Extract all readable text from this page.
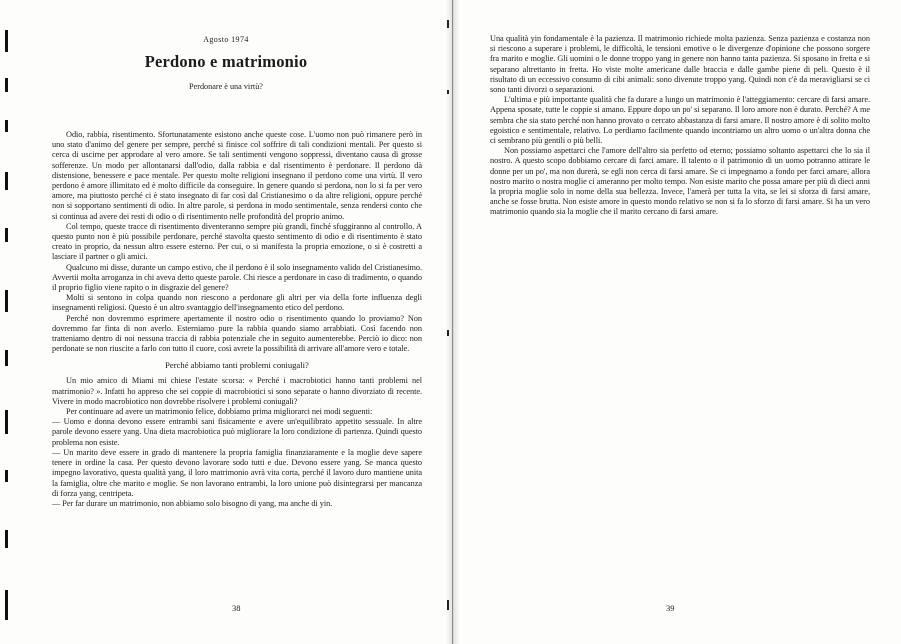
Agosto 1974
Perdono e matrimonio
Perdonare è una virtù?

Odio, rabbia, risentimento. Sfortunatamente esistono anche queste cose. L'uomo non può rimanere però in uno stato d'animo del genere per sempre, perché si finisce col soffrire di tali condizioni mentali. Per questo si cerca di uscirne per approdare al vero amore. Se tali sentimenti vengono soppressi, diventano causa di grosse sofferenze. Un modo per allontanarsi dall'odio, dalla rabbia e dal risentimento è perdonare. Il perdono dà distensione, benessere e pace mentale. Per questo molte religioni insegnano il perdono come una virtù. Il vero perdono è amore illimitato ed è molto difficile da conseguire. In genere quando si perdona, non lo si fa per vero amore, ma piuttosto perché ci è stato insegnato di far così dal Cristianesimo o da altre religioni, oppure perché non si sopportano sentimenti di odio. In altre parole, si perdona in modo sentimentale, senza rendersi conto che si continua ad avere dei resti di odio o di risentimento nelle profondità del proprio animo.

Col tempo, queste tracce di risentimento diventeranno sempre più grandi, finché sfuggiranno al controllo. A questo punto non è più possibile perdonare, perché stavolta questo sentimento di odio e di risentimento è stato creato in proprio, da nessun altro essere esterno. Per cui, o si manifesta la propria emozione, o si è costretti a lasciare il partner o gli amici.

Qualcuno mi disse, durante un campo estivo, che il perdono è il solo insegnamento valido del Cristianesimo. Avvertii molta arroganza in chi aveva detto queste parole. Chi riesce a perdonare in caso di tradimento, o quando il proprio figlio viene rapito o in disgrazie del genere?

Molti si sentono in colpa quando non riescono a perdonare gli altri per via della forte influenza degli insegnamenti religiosi. Questo è un altro svantaggio dell'insegnamento etico del perdono.

Perché non dovremmo esprimere apertamente il nostro odio o risentimento quando lo proviamo? Non dovremmo far finta di non averlo. Esterniamo pure la rabbia quando siamo arrabbiati. Così facendo non tratteniamo dentro di noi nessuna traccia di rabbia potenziale che in seguito aumenterebbe. Perciò io dico: non perdonate se non riuscite a farlo con tutto il cuore, così avrete la possibilità di arrivare all'amore vero e totale.

Perché abbiamo tanti problemi coniugali?

Un mio amico di Miami mi chiese l'estate scorsa: « Perché i macrobiotici hanno tanti problemi nel matrimonio? ». Infatti ho appreso che sei coppie di macrobiotici si sono separate o hanno divorziato di recente. Vivere in modo macrobiotico non dovrebbe risolvere i problemi coniugali?

Per continuare ad avere un matrimonio felice, dobbiamo prima migliorarci nei modi seguenti:

— Uomo e donna devono essere entrambi sani fisicamente e avere un'equilibrato appetito sessuale. In altre parole devono essere yang. Una dieta macrobiotica può migliorare la loro condizione di partenza. Quindi questo problema non esiste.

— Un marito deve essere in grado di mantenere la propria famiglia finanziaramente e la moglie deve sapere tenere in ordine la casa. Per questo devono lavorare sodo tutti e due. Devono essere yang. Se manca questo impegno lavorativo, questa qualità yang, il loro matrimonio avrà vita corta, perché il lavoro duro mantiene unita la famiglia, oltre che marito e moglie. Se non lavorano entrambi, la loro unione può disintegrarsi per mancanza di forza yang, centripeta.

— Per far durare un matrimonio, non abbiamo solo bisogno di yang, ma anche di yin.

38

Una qualità yin fondamentale è la pazienza. Il matrimonio richiede molta pazienza. Senza pazienza e costanza non si riescono a superare i problemi, le difficoltà, le tensioni emotive o le divergenze d'opinione che possono sorgere fra marito e moglie. Gli uomini o le donne troppo yang in genere non hanno tanta pazienza. Si sposano in fretta e si separano altrettanto in fretta. Ho viste molte americane dalle braccia e dalle gambe piene di peli. Questo è il risultato di un eccessivo consumo di cibi animali: sono divenute troppo yang. Quindi non c'è da meravigliarsi se ci sono tanti divorzi o separazioni.

L'ultima e più importante qualità che fa durare a lungo un matrimonio è l'atteggiamento: cercare di farsi amare. Appena sposate, tutte le coppie si amano. Eppure dopo un po' si separano. Il loro amore non è durato. Perché? A me sembra che sia stato perché non hanno provato o cercato abbastanza di farsi amare. Il nostro amore è di solito molto egoistico e sentimentale, relativo. Lo perdiamo facilmente quando incontriamo un altro uomo o un'altra donna che ci sembrano più gentili o più belli.

Non possiamo aspettarci che l'amore dell'altro sia perfetto od eterno; possiamo soltanto aspettarci che lo sia il nostro. A questo scopo dobbiamo cercare di farci amare. Il talento o il patrimonio di un uomo potranno attirare le donne per un po', ma non durerà, se egli non cerca di farsi amare. Se ci impegnamo a fondo per farci amare, allora nostro marito o nostra moglie ci ameranno per molto tempo. Non esiste marito che possa amare per più di dieci anni la propria moglie solo in nome della sua bellezza. Invece, l'amerà per tutta la vita, se lei si sforza di farsi amare, anche se fosse brutta. Non esiste amore in questo mondo relativo se non si fa lo sforzo di farsi amare. Si ha un vero matrimonio quando sia la moglie che il marito cercano di farsi amare.

39
